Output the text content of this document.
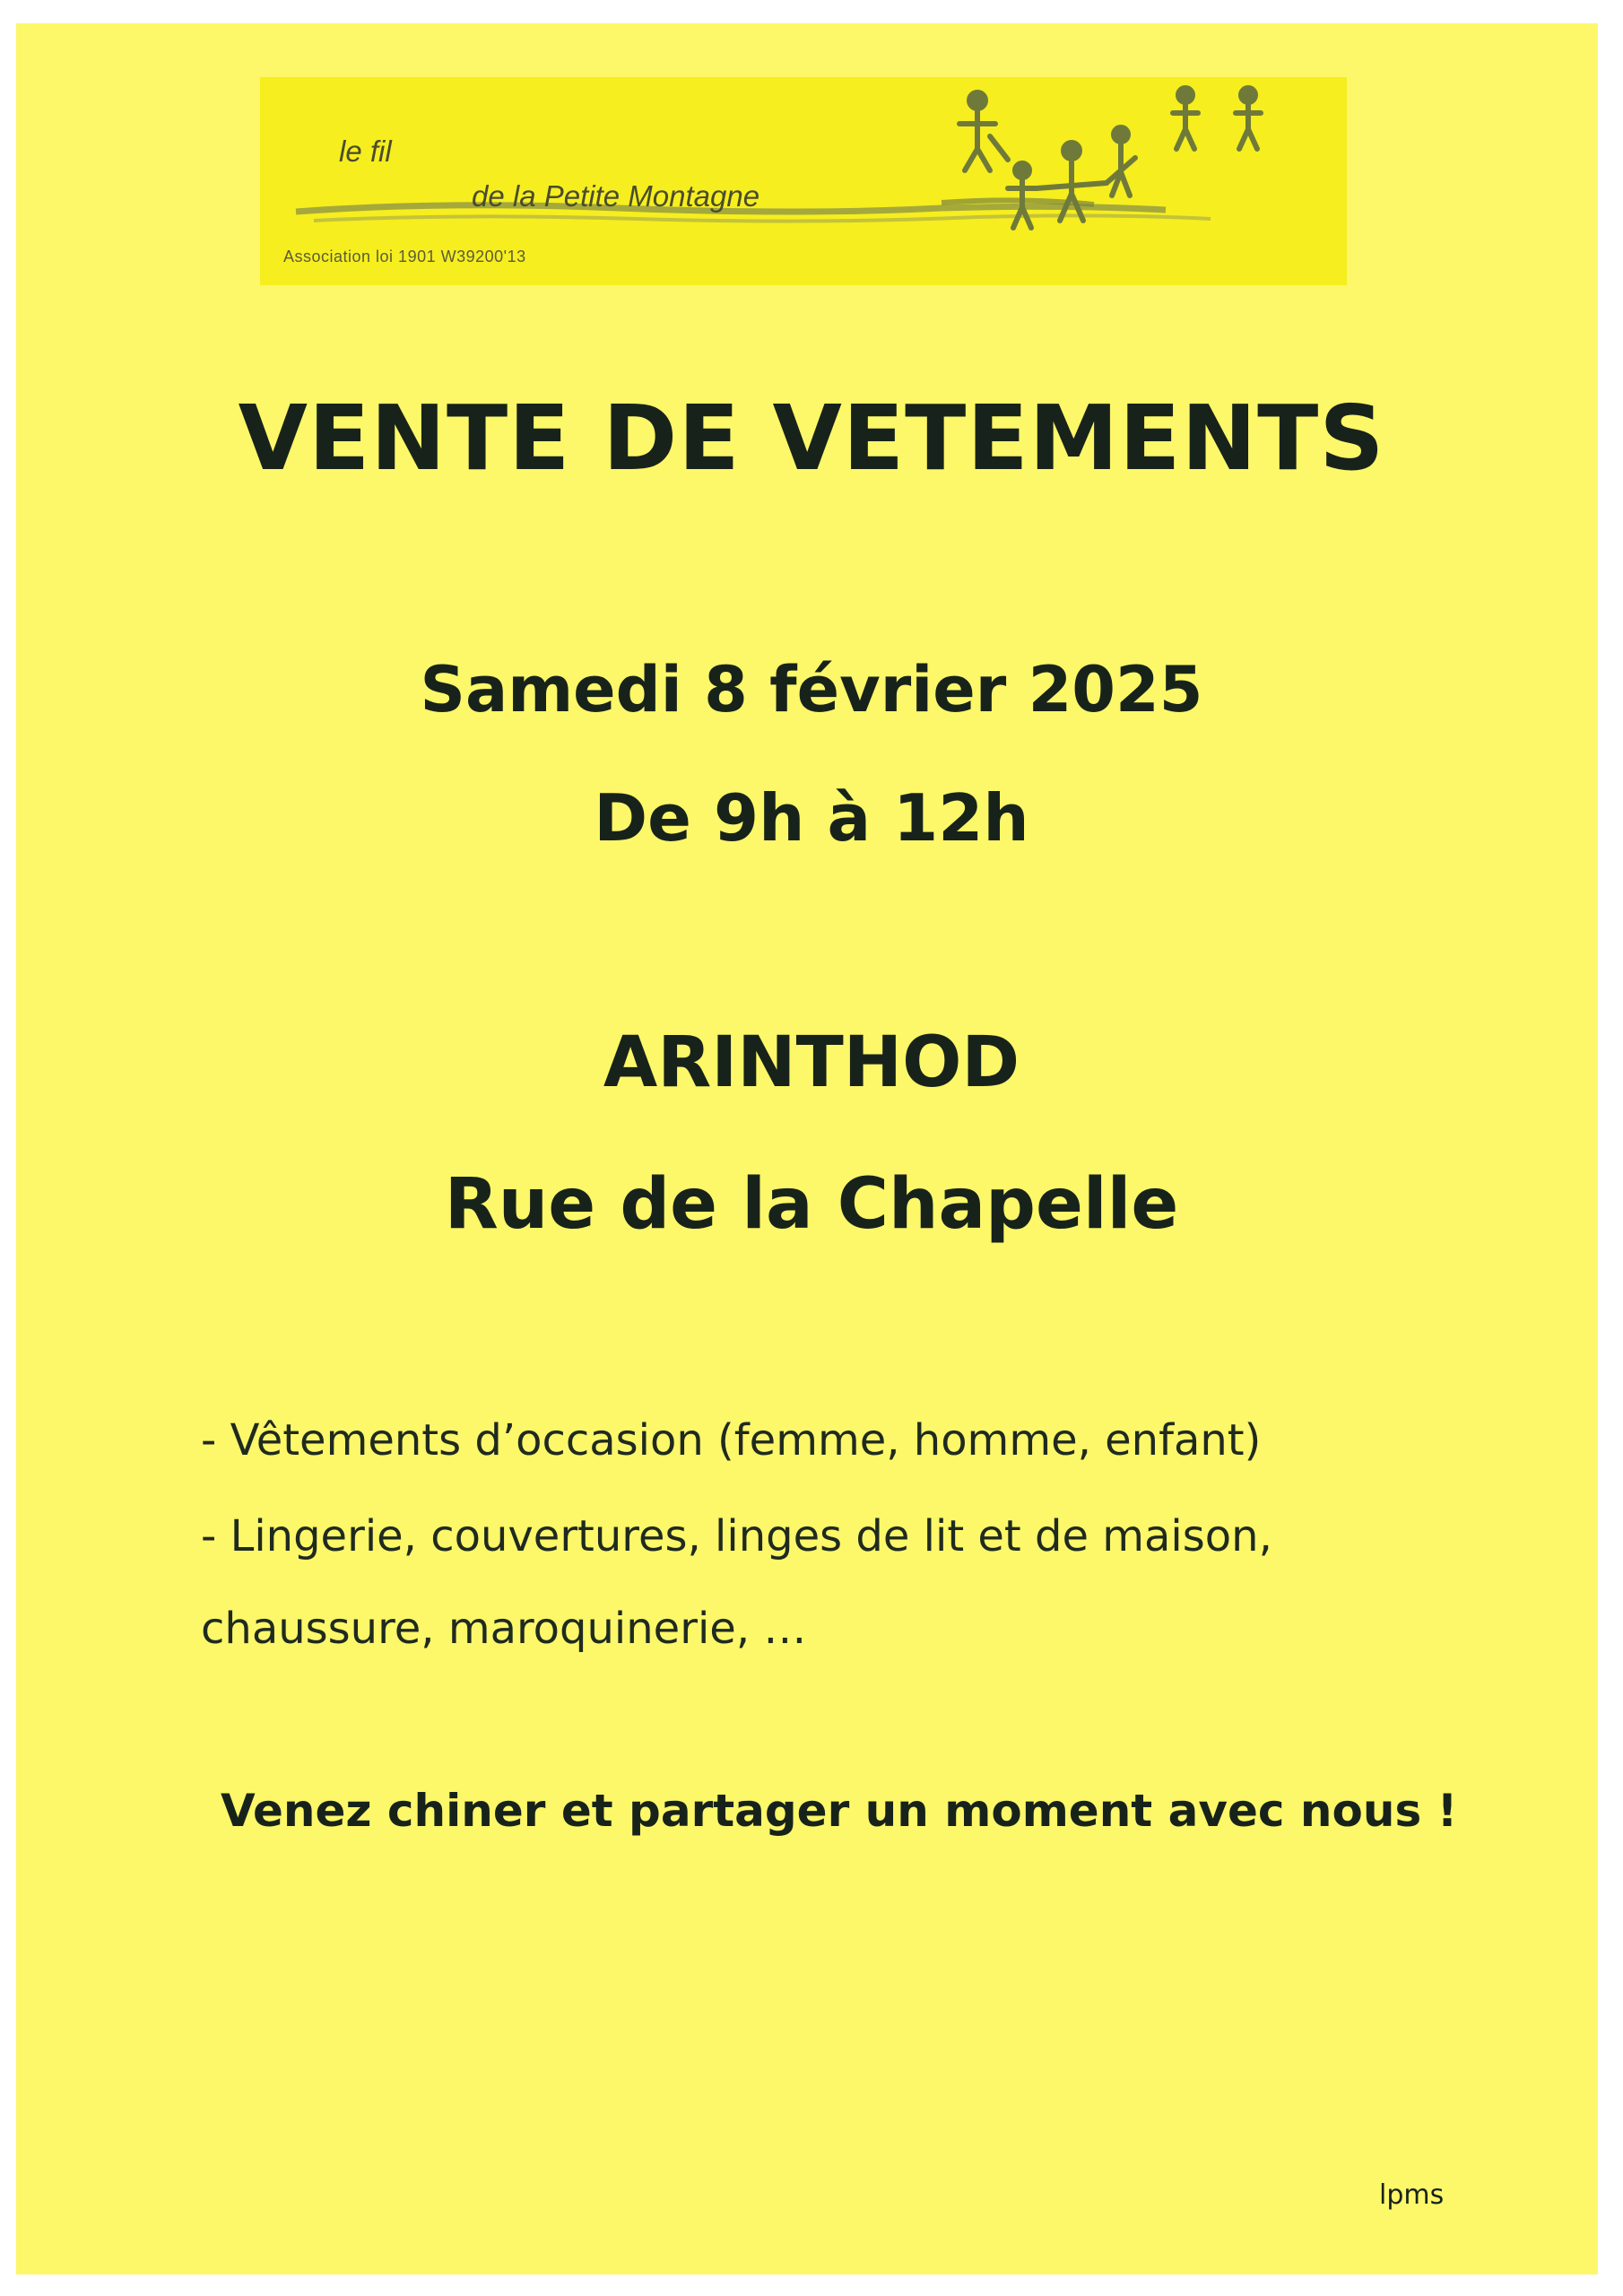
le fil
de la Petite Montagne
Association loi 1901 W39200'13
VENTE DE VETEMENTS
Samedi 8 février 2025
De 9h à 12h
ARINTHOD
Rue de la Chapelle
- Vêtements d’occasion (femme, homme, enfant)
- Lingerie, couvertures, linges de lit et de maison,
chaussure, maroquinerie, …
Venez chiner et partager un moment avec nous !
lpms
